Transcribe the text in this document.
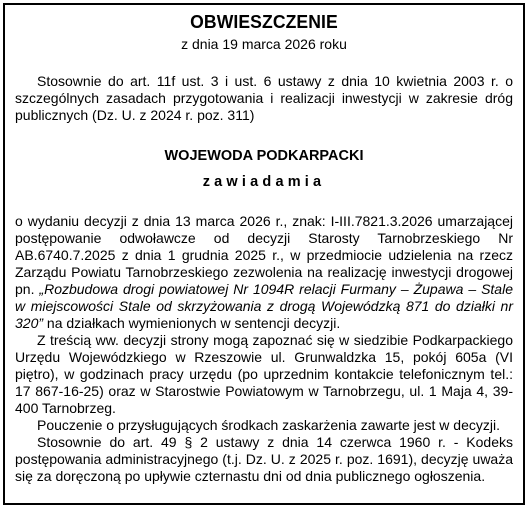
OBWIESZCZENIE
z dnia 19 marca 2026 roku

Stosownie do art. 11f ust. 3 i ust. 6 ustawy z dnia 10 kwietnia 2003 r. o szczególnych zasadach przygotowania i realizacji inwestycji w zakresie dróg publicznych (Dz. U. z 2024 r. poz. 311)

WOJEWODA PODKARPACKI
zawiadamia

o wydaniu decyzji z dnia 13 marca 2026 r., znak: I-III.7821.3.2026 umarzającej postępowanie odwoławcze od decyzji Starosty Tarnobrzeskiego Nr AB.6740.7.2025 z dnia 1 grudnia 2025 r., w przedmiocie udzielenia na rzecz Zarządu Powiatu Tarnobrzeskiego zezwolenia na realizację inwestycji drogowej pn. „Rozbudowa drogi powiatowej Nr 1094R relacji Furmany – Żupawa – Stale w miejscowości Stale od skrzyżowania z drogą Wojewódzką 871 do działki nr 320” na działkach wymienionych w sentencji decyzji.

Z treścią ww. decyzji strony mogą zapoznać się w siedzibie Podkarpackiego Urzędu Wojewódzkiego w Rzeszowie ul. Grunwaldzka 15, pokój 605a (VI piętro), w godzinach pracy urzędu (po uprzednim kontakcie telefonicznym tel.: 17 867-16-25) oraz w Starostwie Powiatowym w Tarnobrzegu, ul. 1 Maja 4, 39-400 Tarnobrzeg.

Pouczenie o przysługujących środkach zaskarżenia zawarte jest w decyzji.

Stosownie do art. 49 § 2 ustawy z dnia 14 czerwca 1960 r. - Kodeks postępowania administracyjnego (t.j. Dz. U. z 2025 r. poz. 1691), decyzję uważa się za doręczoną po upływie czternastu dni od dnia publicznego ogłoszenia.
